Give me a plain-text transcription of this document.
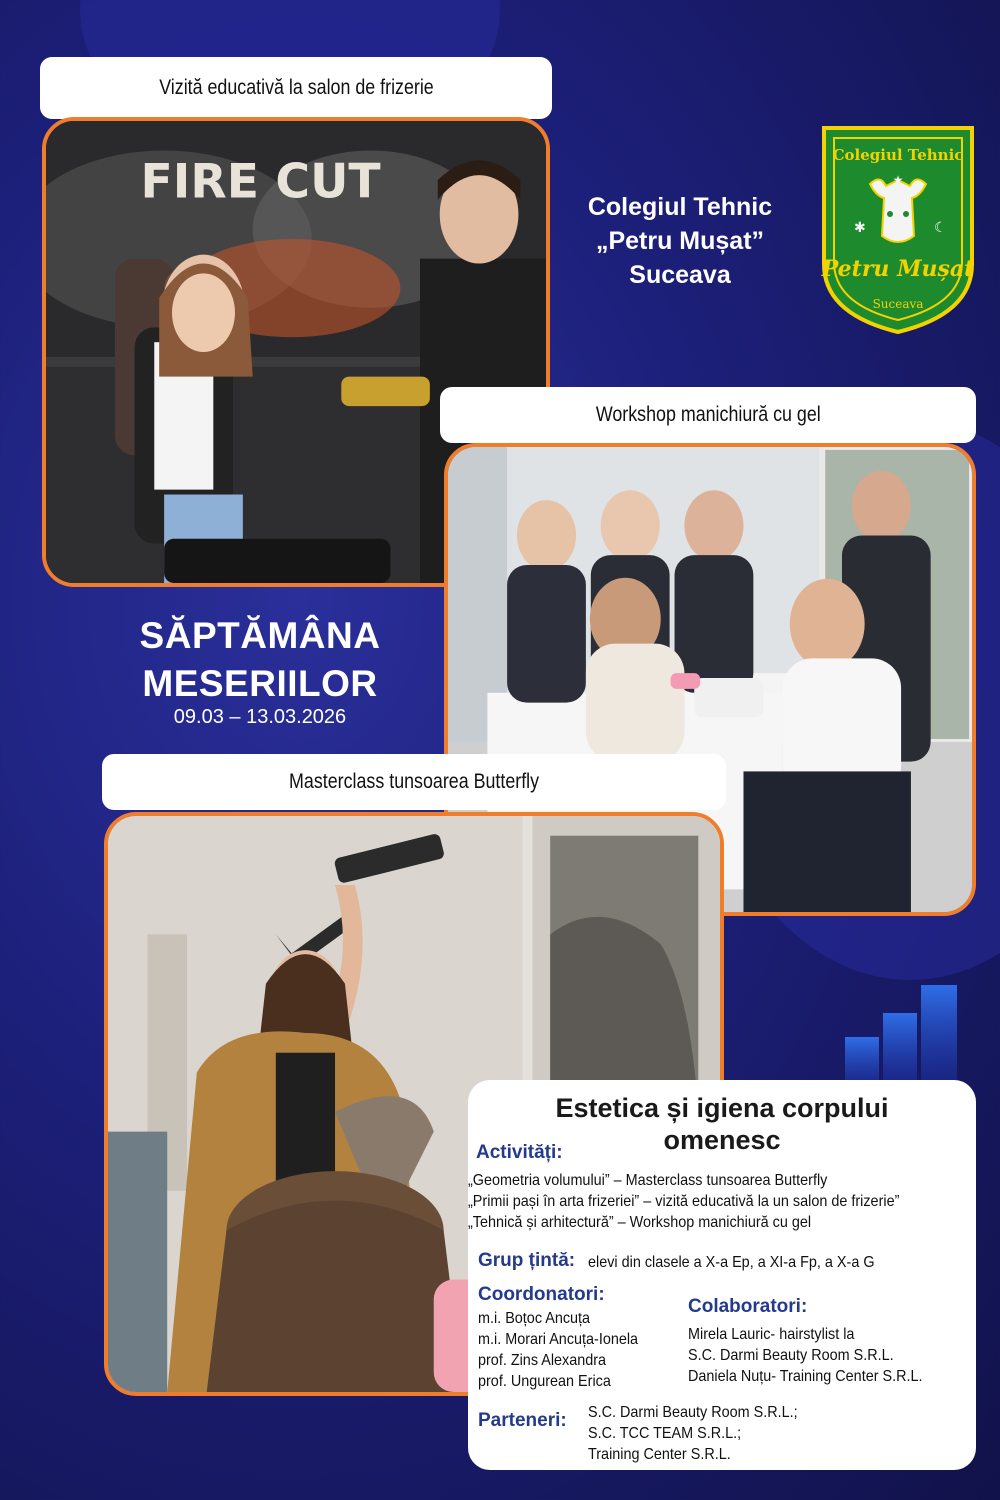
Vizită educativă la salon de frizerie
FIRE CUT	Colegiul Tehnic
„Petru Mușat”
Suceava
Colegiul Tehnic
★
✱	☾
Petru Mușat
Suceava
Workshop manichiură cu gel
SĂPTĂMÂNA
MESERIILOR
09.03 – 13.03.2026
Masterclass tunsoarea Butterfly
Estetica și igiena corpului
omenesc
Activități:
„Geometria volumului” – Masterclass tunsoarea Butterfly
„Primii pași în arta frizeriei” – vizită educativă la un salon de frizerie”
„Tehnică și arhitectură” – Workshop manichiură cu gel
Grup țintă: elevi din clasele a X-a Ep, a XI-a Fp, a X-a G
Coordonatori:
m.i. Boțoc Ancuța
m.i. Morari Ancuța-Ionela
prof. Zins Alexandra
prof. Ungurean Erica
Colaboratori:
Mirela Lauric- hairstylist la
S.C. Darmi Beauty Room S.R.L.
Daniela Nuțu- Training Center S.R.L.
Parteneri: S.C. Darmi Beauty Room S.R.L.;
S.C. TCC TEAM S.R.L.;
Training Center S.R.L.
